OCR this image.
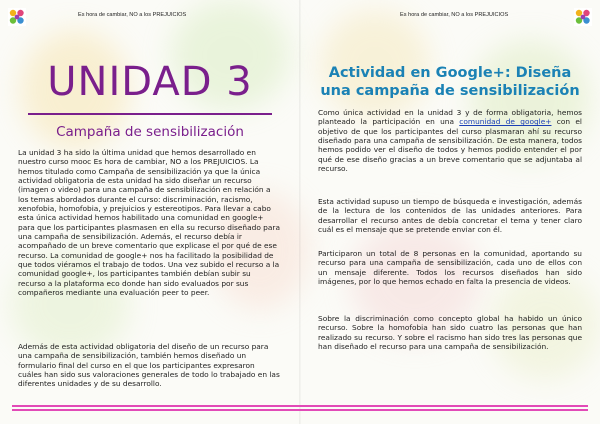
Es hora de cambiar, NO a los PREJUICIOS
UNIDAD 3
Campaña de sensibilización
La unidad 3 ha sido la última unidad que hemos desarrollado en nuestro curso mooc Es hora de cambiar, NO a los PREJUICIOS. La hemos titulado como Campaña de sensibilización ya que la única actividad obligatoria de esta unidad ha sido diseñar un recurso (imagen o video) para una campaña de sensibilización en relación a los temas abordados durante el curso: discriminación, racismo, xenofobia, homofobia, y prejuicios y estereotipos. Para llevar a cabo esta única actividad hemos habilitado una comunidad en google+ para que los participantes plasmasen en ella su recurso diseñado para una campaña de sensibilización. Además, el recurso debía ir acompañado de un breve comentario que explicase el por qué de ese recurso. La comunidad de google+ nos ha facilitado la posibilidad de que todos viéramos el trabajo de todos. Una vez subido el recurso a la comunidad google+, los participantes también debían subir su recurso a la plataforma eco donde han sido evaluados por sus compañeros mediante una evaluación peer to peer.
Además de esta actividad obligatoria del diseño de un recurso para una campaña de sensibilización, también hemos diseñado un formulario final del curso en el que los participantes expresaron cuáles han sido sus valoraciones generales de todo lo trabajado en las diferentes unidades y de su desarrollo.
Es hora de cambiar, NO a los PREJUICIOS
Actividad en Google+: Diseña una campaña de sensibilización
Como única actividad en la unidad 3 y de forma obligatoria, hemos planteado la participación en una comunidad de google+ con el objetivo de que los participantes del curso plasmaran ahí su recurso diseñado para una campaña de sensibilización. De esta manera, todos hemos podido ver el diseño de todos y hemos podido entender el por qué de ese diseño gracias a un breve comentario que se adjuntaba al recurso.
Esta actividad supuso un tiempo de búsqueda e investigación, además de la lectura de los contenidos de las unidades anteriores. Para desarrollar el recurso antes de debía concretar el tema y tener claro cuál es el mensaje que se pretende enviar con él.
Participaron un total de 8 personas en la comunidad, aportando su recurso para una campaña de sensibilización, cada uno de ellos con un mensaje diferente. Todos los recursos diseñados han sido imágenes, por lo que hemos echado en falta la presencia de videos.
Sobre la discriminación como concepto global ha habido un único recurso. Sobre la homofobia han sido cuatro las personas que han realizado su recurso. Y sobre el racismo han sido tres las personas que han diseñado el recurso para una campaña de sensibilización.
